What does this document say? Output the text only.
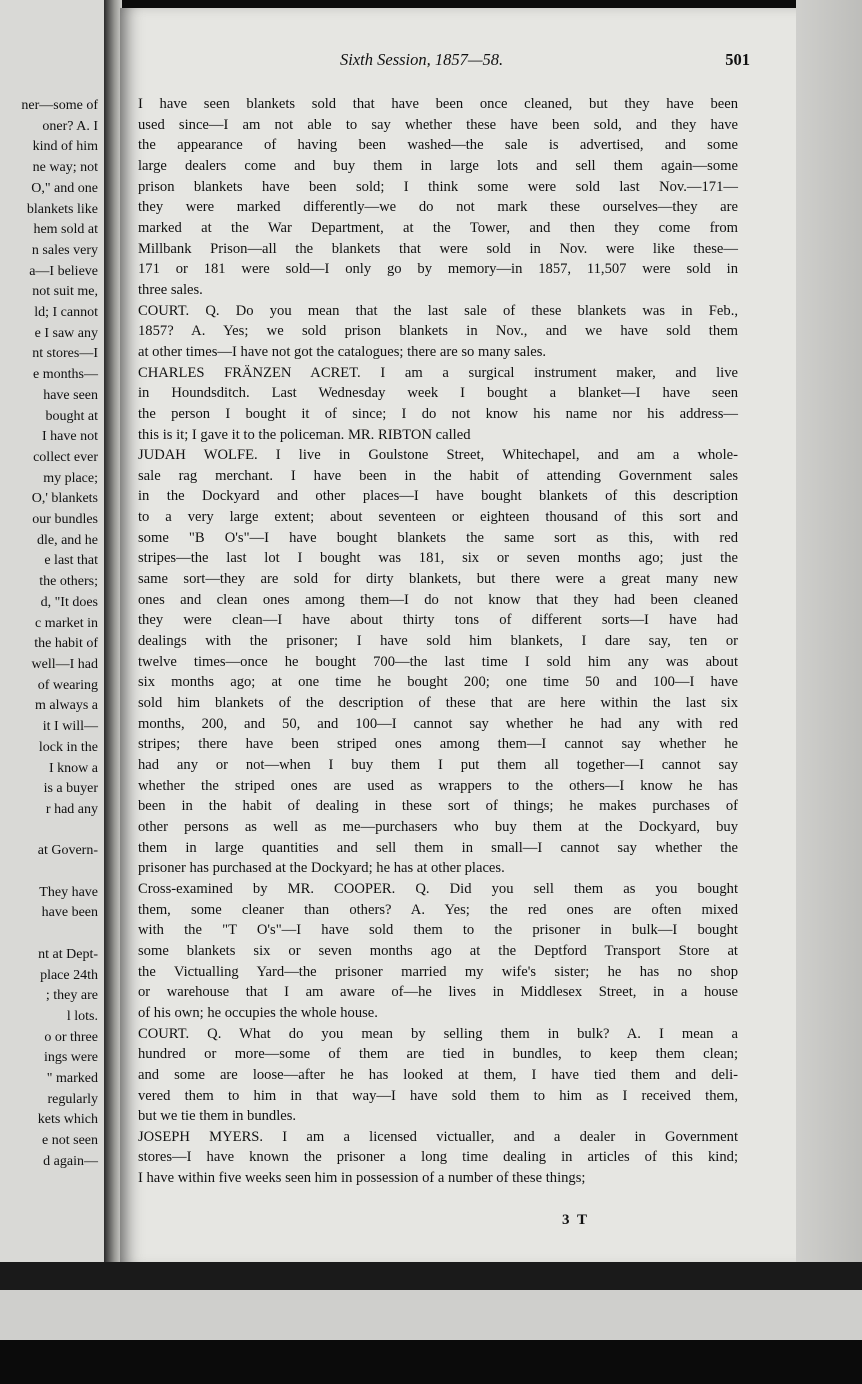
ner—some of
oner? A. I
kind of him
ne way; not
O," and one
blankets like
hem sold at
n sales very
a—I believe
not suit me,
ld; I cannot
e I saw any
nt stores—I
e months—
have seen
bought at
I have not
collect ever
my place;
O,' blankets
our bundles
dle, and he
e last that
the others;
d, "It does
c market in
the habit of
well—I had
of wearing
m always a
it I will—
lock in the
I know a
is a buyer
r had any

at Govern-

They have
have been

nt at Dept-
place 24th
; they are
l lots.
o or three
ings were
" marked
regularly
kets which
e not seen
d again—
Sixth Session, 1857—58.	501
I have seen blankets sold that have been once cleaned, but they have been
used since—I am not able to say whether these have been sold, and they have
the appearance of having been washed—the sale is advertised, and some
large dealers come and buy them in large lots and sell them again—some
prison blankets have been sold; I think some were sold last Nov.—171—
they were marked differently—we do not mark these ourselves—they are
marked at the War Department, at the Tower, and then they come from
Millbank Prison—all the blankets that were sold in Nov. were like these—
171 or 181 were sold—I only go by memory—in 1857, 11,507 were sold in
three sales.
COURT. Q. Do you mean that the last sale of these blankets was in Feb.,
1857? A. Yes; we sold prison blankets in Nov., and we have sold them
at other times—I have not got the catalogues; there are so many sales.
CHARLES FRÄNZEN ACRET. I am a surgical instrument maker, and live
in Houndsditch. Last Wednesday week I bought a blanket—I have seen
the person I bought it of since; I do not know his name nor his address—
this is it; I gave it to the policeman. MR. RIBTON called
JUDAH WOLFE. I live in Goulstone Street, Whitechapel, and am a whole-
sale rag merchant. I have been in the habit of attending Government sales
in the Dockyard and other places—I have bought blankets of this description
to a very large extent; about seventeen or eighteen thousand of this sort and
some "B O's"—I have bought blankets the same sort as this, with red
stripes—the last lot I bought was 181, six or seven months ago; just the
same sort—they are sold for dirty blankets, but there were a great many new
ones and clean ones among them—I do not know that they had been cleaned
they were clean—I have about thirty tons of different sorts—I have had
dealings with the prisoner; I have sold him blankets, I dare say, ten or
twelve times—once he bought 700—the last time I sold him any was about
six months ago; at one time he bought 200; one time 50 and 100—I have
sold him blankets of the description of these that are here within the last six
months, 200, and 50, and 100—I cannot say whether he had any with red
stripes; there have been striped ones among them—I cannot say whether he
had any or not—when I buy them I put them all together—I cannot say
whether the striped ones are used as wrappers to the others—I know he has
been in the habit of dealing in these sort of things; he makes purchases of
other persons as well as me—purchasers who buy them at the Dockyard, buy
them in large quantities and sell them in small—I cannot say whether the
prisoner has purchased at the Dockyard; he has at other places.
Cross-examined by MR. COOPER. Q. Did you sell them as you bought
them, some cleaner than others? A. Yes; the red ones are often mixed
with the "T O's"—I have sold them to the prisoner in bulk—I bought
some blankets six or seven months ago at the Deptford Transport Store at
the Victualling Yard—the prisoner married my wife's sister; he has no shop
or warehouse that I am aware of—he lives in Middlesex Street, in a house
of his own; he occupies the whole house.
COURT. Q. What do you mean by selling them in bulk? A. I mean a
hundred or more—some of them are tied in bundles, to keep them clean;
and some are loose—after he has looked at them, I have tied them and deli-
vered them to him in that way—I have sold them to him as I received them,
but we tie them in bundles.
JOSEPH MYERS. I am a licensed victualler, and a dealer in Government
stores—I have known the prisoner a long time dealing in articles of this kind;
I have within five weeks seen him in possession of a number of these things;
3 T
